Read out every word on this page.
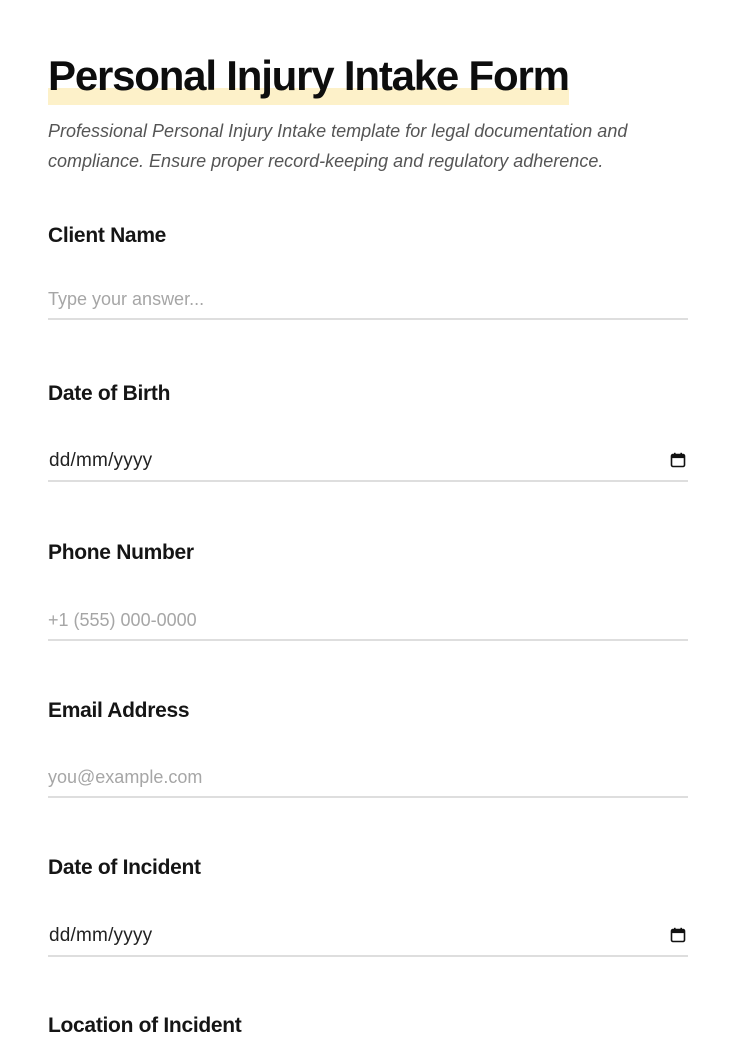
Personal Injury Intake Form

Professional Personal Injury Intake template for legal documentation and compliance. Ensure proper record-keeping and regulatory adherence.

Client Name
Type your answer...
Date of Birth
dd/mm/yyyy
Phone Number
+1 (555) 000-0000
Email Address
you@example.com
Date of Incident
dd/mm/yyyy
Location of Incident
